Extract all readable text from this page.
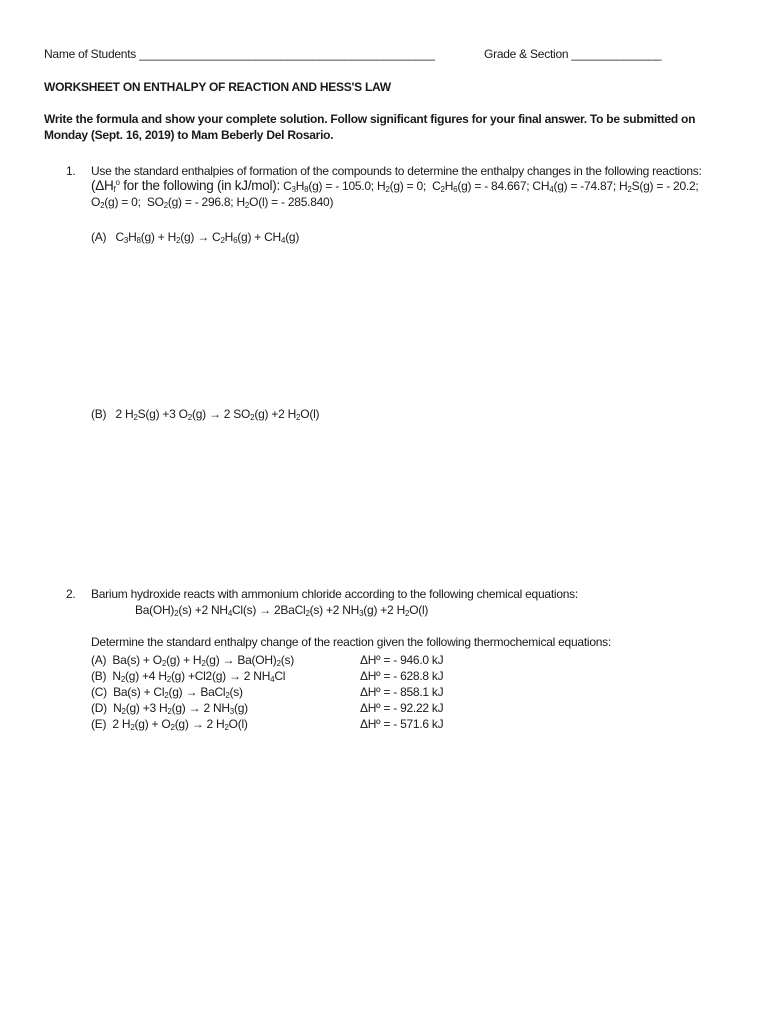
Name of Students ______________________________________________	Grade & Section ______________
WORKSHEET ON ENTHALPY OF REACTION AND HESS'S LAW
Write the formula and show your complete solution. Follow significant figures for your final answer. To be submitted on
Monday (Sept. 16, 2019) to Mam Beberly Del Rosario.
1. Use the standard enthalpies of formation of the compounds to determine the enthalpy changes in the following reactions:
($\Delta H_f^o$ for the following (in kJ/mol): $C_3H_8(g)$ = - 105.0; $H_2(g) = 0$;  $C_2H_6(g)$ = - 84.667; $CH_4(g) = -74.87$; $H_2S(g)$ = - 20.2;
$O_2(g) = 0$;  $SO_2(g)$ = - 296.8; $H_2O(l)$ = - 285.840)
(A)   $C_3H_8(g) + H_2(g) \to C_2H_6(g) + CH_4(g)$
(B)   2 $H_2S(g) +3$ $O_2(g) \to 2$ $SO_2(g) +2$ $H_2O(l)$
2. Barium hydroxide reacts with ammonium chloride according to the following chemical equations:
$Ba(OH)_2(s) +2$ $NH_4Cl(s)$ → 2BaCl$_2$(s) +2 $NH_3(g) +2$ $H_2O(l)$
Determine the standard enthalpy change of the reaction given the following thermochemical equations:
(A)  $Ba(s) + O_2(g) + H_2(g) \to Ba(OH)_2(s)$	ΔHº = - 946.0 kJ
(B)  $N_2(g) +4$ $H_2(g) +Cl2(g) \to 2$ $NH_4Cl$	ΔHº = - 628.8 kJ
(C)  $Ba(s) + Cl_2(g)$ → BaCl$_2$(s)	ΔHº = - 858.1 kJ
(D)  $N_2(g) +3$ $H_2(g) \to 2$ $NH_3(g)$	ΔHº = - 92.22 kJ
(E)  2 $H_2(g) + O_2(g) \to 2$ $H_2O(l)$	ΔHº = - 571.6 kJ
